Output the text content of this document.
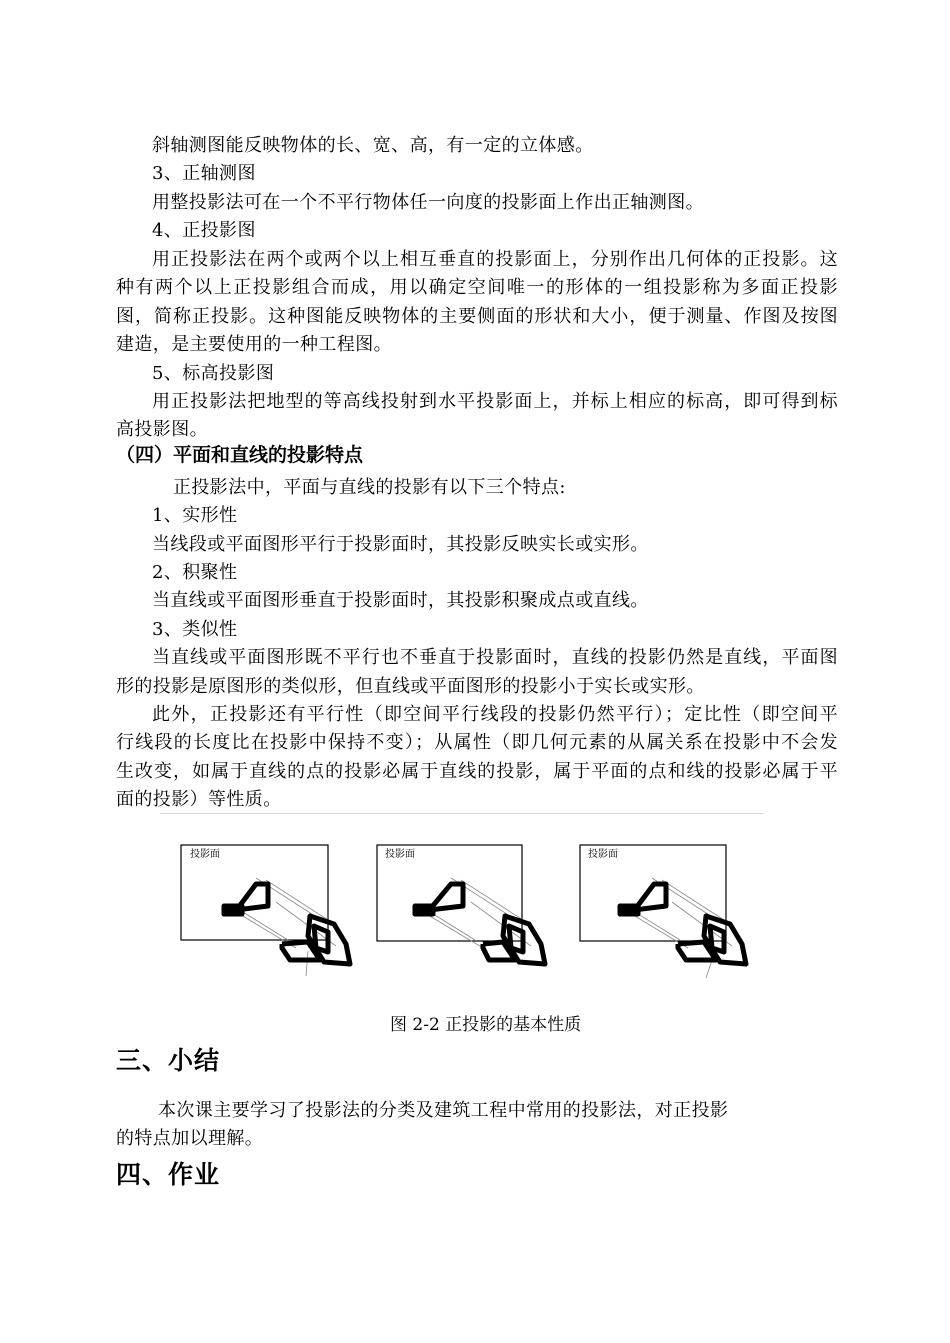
斜轴测图能反映物体的长、宽、高，有一定的立体感。
3、正轴测图
用整投影法可在一个不平行物体任一向度的投影面上作出正轴测图。
4、正投影图
用正投影法在两个或两个以上相互垂直的投影面上，分别作出几何体的正投影。这
种有两个以上正投影组合而成，用以确定空间唯一的形体的一组投影称为多面正投影
图，简称正投影。这种图能反映物体的主要侧面的形状和大小，便于测量、作图及按图
建造，是主要使用的一种工程图。
5、标高投影图
用正投影法把地型的等高线投射到水平投影面上，并标上相应的标高，即可得到标
高投影图。
（四）平面和直线的投影特点
正投影法中，平面与直线的投影有以下三个特点:
1、实形性
当线段或平面图形平行于投影面时，其投影反映实长或实形。
2、积聚性
当直线或平面图形垂直于投影面时，其投影积聚成点或直线。
3、类似性
当直线或平面图形既不平行也不垂直于投影面时，直线的投影仍然是直线，平面图
形的投影是原图形的类似形，但直线或平面图形的投影小于实长或实形。
此外，正投影还有平行性（即空间平行线段的投影仍然平行）；定比性（即空间平
行线段的长度比在投影中保持不变）；从属性（即几何元素的从属关系在投影中不会发
生改变，如属于直线的点的投影必属于直线的投影，属于平面的点和线的投影必属于平
面的投影）等性质。
投影面	投影面	投影面
图 2-2 正投影的基本性质
三、小结
本次课主要学习了投影法的分类及建筑工程中常用的投影法，对正投影
的特点加以理解。
四、作业
